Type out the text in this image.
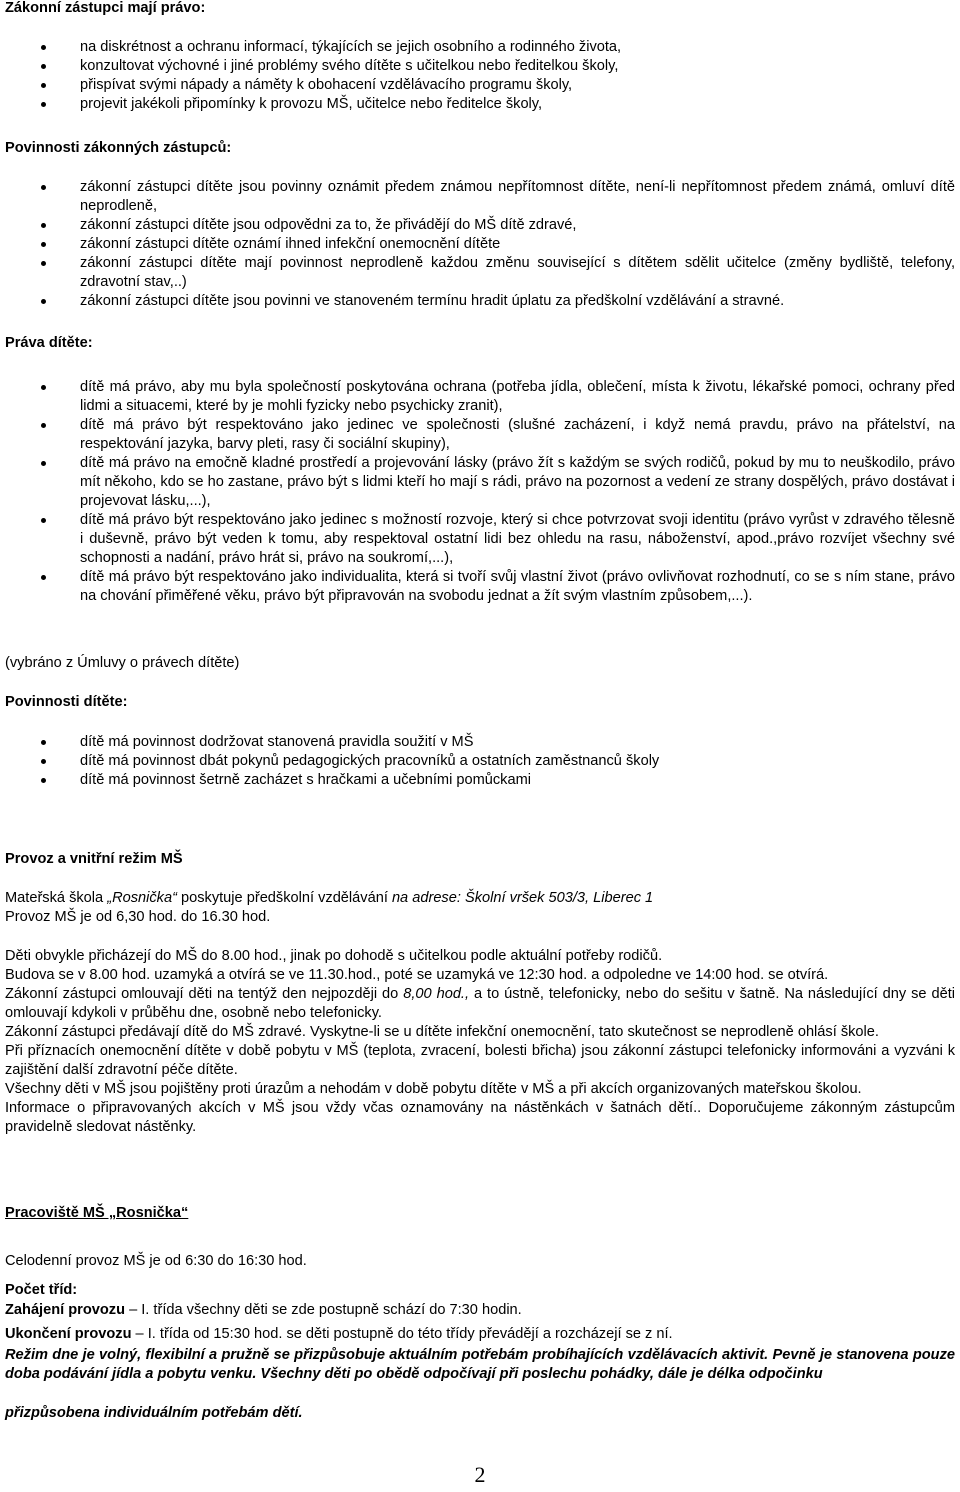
Zákonní zástupci mají právo:

na diskrétnost a ochranu informací, týkajících se jejich osobního a rodinného života,
konzultovat výchovné i jiné problémy svého dítěte s učitelkou nebo ředitelkou školy,
přispívat svými nápady a náměty k obohacení vzdělávacího programu školy,
projevit jakékoli připomínky k provozu MŠ, učitelce nebo ředitelce školy,

Povinnosti zákonných zástupců:

zákonní zástupci dítěte jsou povinny oznámit předem známou nepřítomnost dítěte, není-li nepřítomnost předem známá, omluví dítě neprodleně,
zákonní zástupci dítěte jsou odpovědni za to, že přivádějí do MŠ dítě zdravé,
zákonní zástupci dítěte oznámí ihned infekční onemocnění dítěte
zákonní zástupci dítěte mají povinnost neprodleně každou změnu související s dítětem sdělit učitelce (změny bydliště, telefony, zdravotní stav,..)
zákonní zástupci dítěte jsou povinni ve stanoveném termínu hradit úplatu za předškolní vzdělávání a stravné.

Práva dítěte:

dítě má právo, aby mu byla společností poskytována ochrana (potřeba jídla, oblečení, místa k životu, lékařské pomoci, ochrany před lidmi a situacemi, které by je mohli fyzicky nebo psychicky zranit),
dítě má právo být respektováno jako jedinec ve společnosti (slušné zacházení, i když nemá pravdu, právo na přátelství, na respektování jazyka, barvy pleti, rasy či sociální skupiny),
dítě má právo na emočně kladné prostředí a projevování lásky (právo žít s každým se svých rodičů, pokud by mu to neuškodilo, právo mít někoho, kdo se ho zastane, právo být s lidmi kteří ho mají s rádi, právo na pozornost a vedení ze strany dospělých, právo dostávat i projevovat lásku,...),
dítě má právo být respektováno jako jedinec s možností rozvoje, který si chce potvrzovat svoji identitu (právo vyrůst v zdravého tělesně i duševně, právo být veden k tomu, aby respektoval ostatní lidi bez ohledu na rasu, náboženství, apod.,právo rozvíjet všechny své schopnosti a nadání, právo hrát si, právo na soukromí,...),
dítě má právo být respektováno jako individualita, která si tvoří svůj vlastní život (právo ovlivňovat rozhodnutí, co se s ním stane, právo na chování přiměřené věku, právo být připravován na svobodu jednat a žít svým vlastním způsobem,...).

(vybráno z Úmluvy o právech dítěte)

Povinnosti dítěte:

dítě má povinnost dodržovat stanovená pravidla soužití v MŠ
dítě má povinnost dbát pokynů pedagogických pracovníků a ostatních zaměstnanců školy
dítě má povinnost šetrně zacházet s hračkami a učebními pomůckami

Provoz a vnitřní režim MŠ

Mateřská škola „Rosnička“ poskytuje předškolní vzdělávání na adrese: Školní vršek 503/3, Liberec 1

Provoz MŠ je od 6,30 hod. do 16.30 hod.

Děti obvykle přicházejí do MŠ do 8.00 hod., jinak po dohodě s učitelkou podle aktuální potřeby rodičů.

Budova se v 8.00 hod. uzamyká a otvírá se ve 11.30.hod., poté se uzamyká ve 12:30 hod. a odpoledne ve 14:00 hod. se otvírá.

Zákonní zástupci omlouvají děti na tentýž den nejpozději do 8,00 hod., a to ústně, telefonicky, nebo do sešitu v šatně. Na následující dny se děti omlouvají kdykoli v průběhu dne, osobně nebo telefonicky.

Zákonní zástupci předávají dítě do MŠ zdravé. Vyskytne-li se u dítěte infekční onemocnění, tato skutečnost se neprodleně ohlásí škole.

Při příznacích onemocnění dítěte v době pobytu v MŠ (teplota, zvracení, bolesti břicha) jsou zákonní zástupci telefonicky informováni a vyzváni k zajištění další zdravotní péče dítěte.

Všechny děti v MŠ jsou pojištěny proti úrazům a nehodám v době pobytu dítěte v MŠ a při akcích organizovaných mateřskou školou.

Informace o připravovaných akcích v MŠ jsou vždy včas oznamovány na nástěnkách v šatnách dětí.. Doporučujeme zákonným zástupcům pravidelně sledovat nástěnky.

Pracoviště MŠ „Rosnička“

Celodenní provoz MŠ je od 6:30 do 16:30 hod.

Počet tříd:

Zahájení provozu – I. třída všechny děti se zde postupně schází do 7:30 hodin.

Ukončení provozu – I. třída od 15:30 hod. se děti postupně do této třídy převádějí a rozcházejí se z ní.

Režim dne je volný, flexibilní a pružně se přizpůsobuje aktuálním potřebám probíhajících vzdělávacích aktivit. Pevně je stanovena pouze doba podávání jídla a pobytu venku. Všechny děti po obědě odpočívají při poslechu pohádky, dále je délka odpočinku

přizpůsobena individuálním potřebám dětí.

2
